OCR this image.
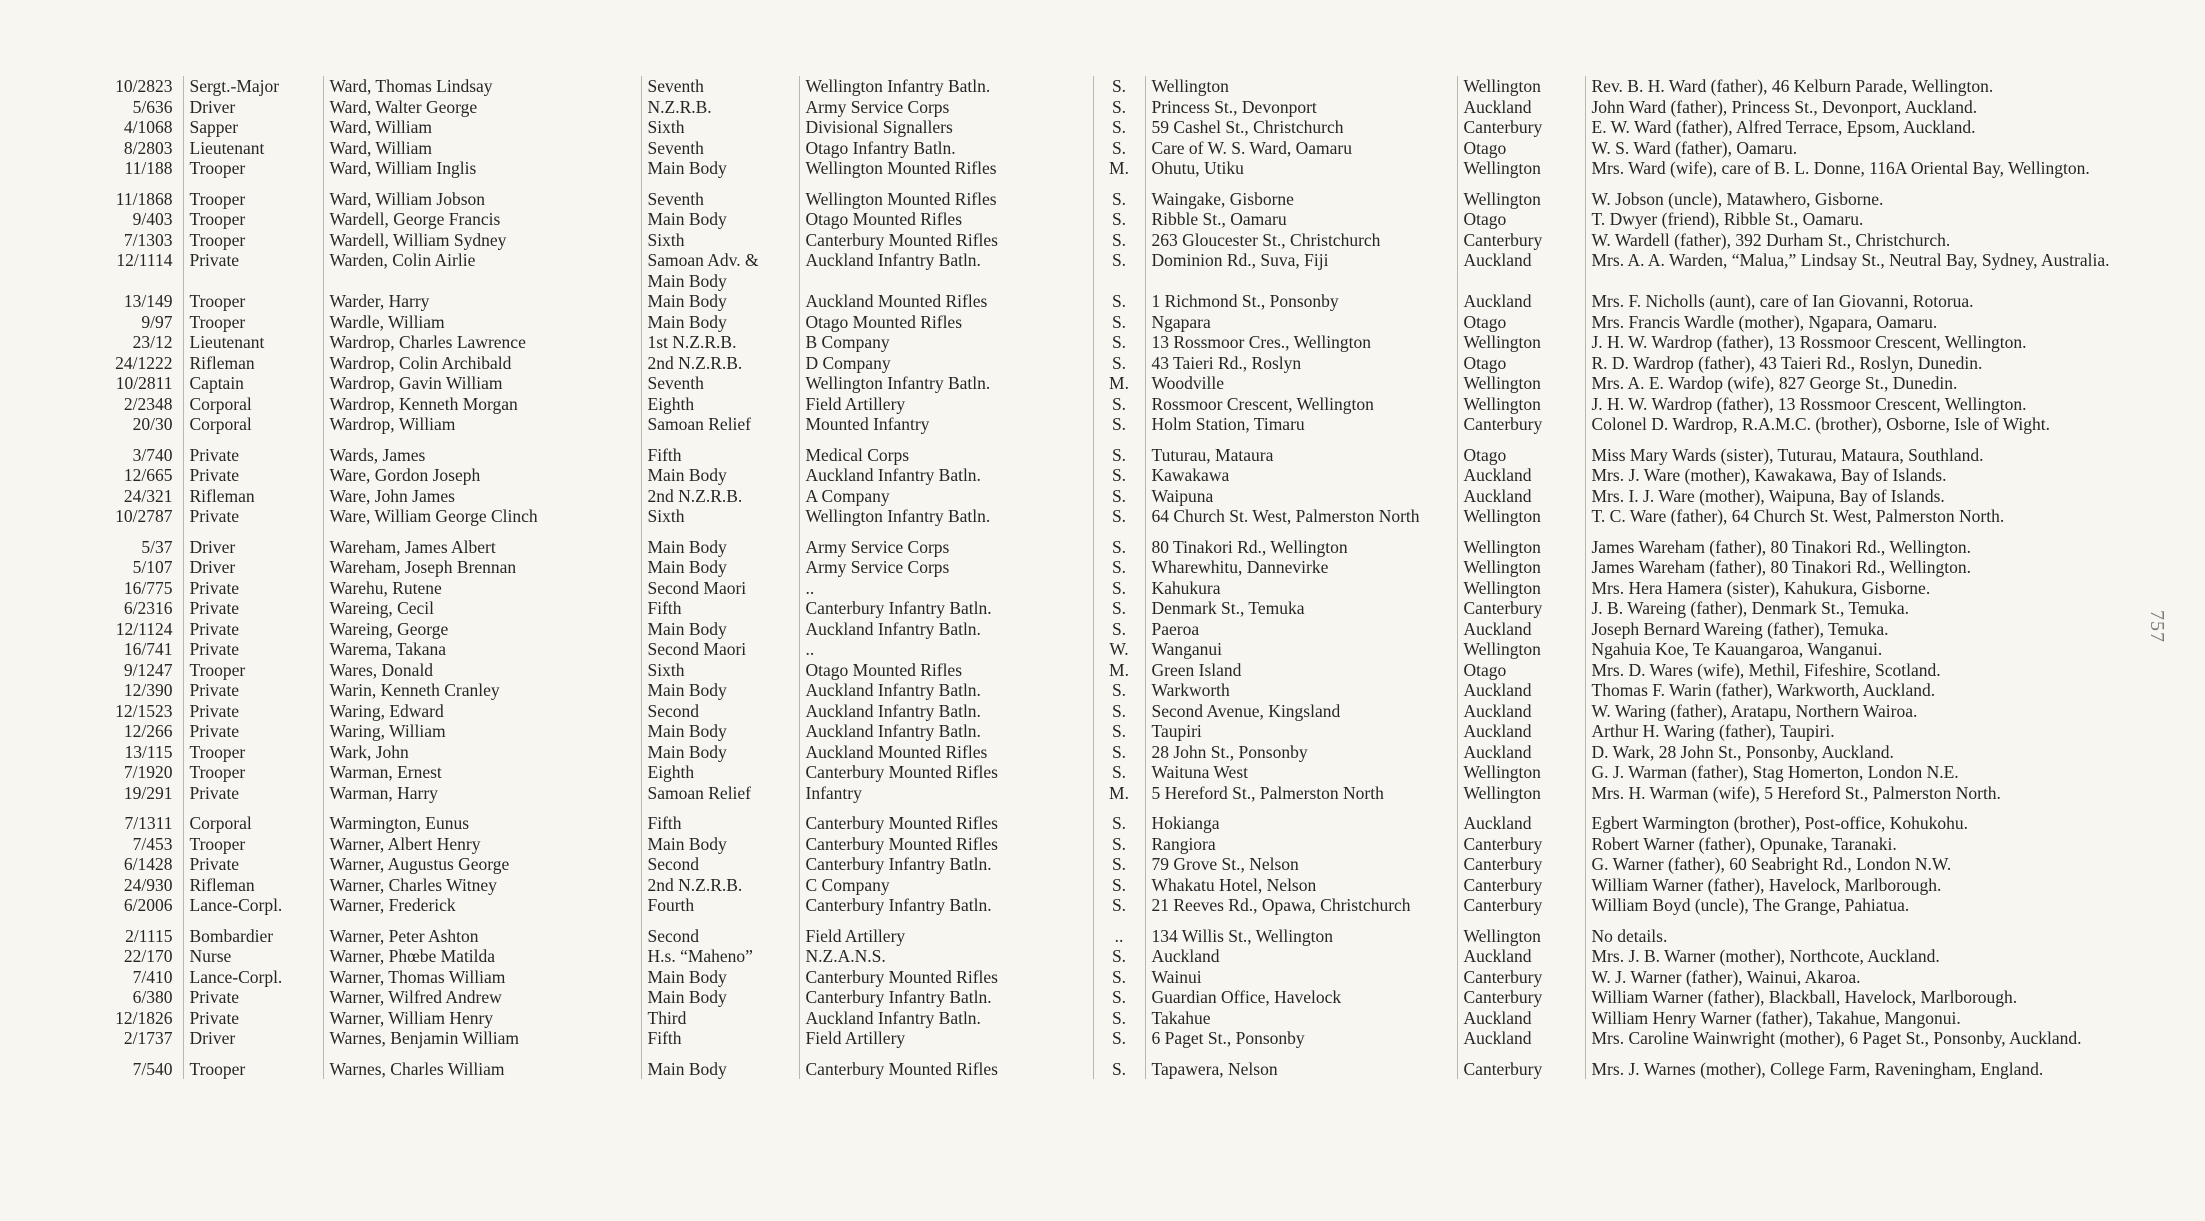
10/2823	Sergt.-Major	Ward, Thomas Lindsay	Seventh	Wellington Infantry Batln.	S.	Wellington	Wellington	Rev. B. H. Ward (father), 46 Kelburn Parade, Wellington.
5/636	Driver	Ward, Walter George	N.Z.R.B.	Army Service Corps	S.	Princess St., Devonport	Auckland	John Ward (father), Princess St., Devonport, Auckland.
4/1068	Sapper	Ward, William	Sixth	Divisional Signallers	S.	59 Cashel St., Christchurch	Canterbury	E. W. Ward (father), Alfred Terrace, Epsom, Auckland.
8/2803	Lieutenant	Ward, William	Seventh	Otago Infantry Batln.	S.	Care of W. S. Ward, Oamaru	Otago	W. S. Ward (father), Oamaru.
11/188	Trooper	Ward, William Inglis	Main Body	Wellington Mounted Rifles	M.	Ohutu, Utiku	Wellington	Mrs. Ward (wife), care of B. L. Donne, 116A Oriental Bay, Wellington.
11/1868	Trooper	Ward, William Jobson	Seventh	Wellington Mounted Rifles	S.	Waingake, Gisborne	Wellington	W. Jobson (uncle), Matawhero, Gisborne.
9/403	Trooper	Wardell, George Francis	Main Body	Otago Mounted Rifles	S.	Ribble St., Oamaru	Otago	T. Dwyer (friend), Ribble St., Oamaru.
7/1303	Trooper	Wardell, William Sydney	Sixth	Canterbury Mounted Rifles	S.	263 Gloucester St., Christchurch	Canterbury	W. Wardell (father), 392 Durham St., Christchurch.
12/1114	Private	Warden, Colin Airlie	Samoan Adv. & Main Body	Auckland Infantry Batln.	S.	Dominion Rd., Suva, Fiji	Auckland	Mrs. A. A. Warden, “Malua,” Lindsay St., Neutral Bay, Sydney, Australia.
13/149	Trooper	Warder, Harry	Main Body	Auckland Mounted Rifles	S.	1 Richmond St., Ponsonby	Auckland	Mrs. F. Nicholls (aunt), care of Ian Giovanni, Rotorua.
9/97	Trooper	Wardle, William	Main Body	Otago Mounted Rifles	S.	Ngapara	Otago	Mrs. Francis Wardle (mother), Ngapara, Oamaru.
23/12	Lieutenant	Wardrop, Charles Lawrence	1st N.Z.R.B.	B Company	S.	13 Rossmoor Cres., Wellington	Wellington	J. H. W. Wardrop (father), 13 Rossmoor Crescent, Wellington.
24/1222	Rifleman	Wardrop, Colin Archibald	2nd N.Z.R.B.	D Company	S.	43 Taieri Rd., Roslyn	Otago	R. D. Wardrop (father), 43 Taieri Rd., Roslyn, Dunedin.
10/2811	Captain	Wardrop, Gavin William	Seventh	Wellington Infantry Batln.	M.	Woodville	Wellington	Mrs. A. E. Wardop (wife), 827 George St., Dunedin.
2/2348	Corporal	Wardrop, Kenneth Morgan	Eighth	Field Artillery	S.	Rossmoor Crescent, Wellington	Wellington	J. H. W. Wardrop (father), 13 Rossmoor Crescent, Wellington.
20/30	Corporal	Wardrop, William	Samoan Relief	Mounted Infantry	S.	Holm Station, Timaru	Canterbury	Colonel D. Wardrop, R.A.M.C. (brother), Osborne, Isle of Wight.
3/740	Private	Wards, James	Fifth	Medical Corps	S.	Tuturau, Mataura	Otago	Miss Mary Wards (sister), Tuturau, Mataura, Southland.
12/665	Private	Ware, Gordon Joseph	Main Body	Auckland Infantry Batln.	S.	Kawakawa	Auckland	Mrs. J. Ware (mother), Kawakawa, Bay of Islands.
24/321	Rifleman	Ware, John James	2nd N.Z.R.B.	A Company	S.	Waipuna	Auckland	Mrs. I. J. Ware (mother), Waipuna, Bay of Islands.
10/2787	Private	Ware, William George Clinch	Sixth	Wellington Infantry Batln.	S.	64 Church St. West, Palmerston North	Wellington	T. C. Ware (father), 64 Church St. West, Palmerston North.
5/37	Driver	Wareham, James Albert	Main Body	Army Service Corps	S.	80 Tinakori Rd., Wellington	Wellington	James Wareham (father), 80 Tinakori Rd., Wellington.
5/107	Driver	Wareham, Joseph Brennan	Main Body	Army Service Corps	S.	Wharewhitu, Dannevirke	Wellington	James Wareham (father), 80 Tinakori Rd., Wellington.
16/775	Private	Warehu, Rutene	Second Maori	..	S.	Kahukura	Wellington	Mrs. Hera Hamera (sister), Kahukura, Gisborne.
6/2316	Private	Wareing, Cecil	Fifth	Canterbury Infantry Batln.	S.	Denmark St., Temuka	Canterbury	J. B. Wareing (father), Denmark St., Temuka.
12/1124	Private	Wareing, George	Main Body	Auckland Infantry Batln.	S.	Paeroa	Auckland	Joseph Bernard Wareing (father), Temuka.
16/741	Private	Warema, Takana	Second Maori	..	W.	Wanganui	Wellington	Ngahuia Koe, Te Kauangaroa, Wanganui.
9/1247	Trooper	Wares, Donald	Sixth	Otago Mounted Rifles	M.	Green Island	Otago	Mrs. D. Wares (wife), Methil, Fifeshire, Scotland.
12/390	Private	Warin, Kenneth Cranley	Main Body	Auckland Infantry Batln.	S.	Warkworth	Auckland	Thomas F. Warin (father), Warkworth, Auckland.
12/1523	Private	Waring, Edward	Second	Auckland Infantry Batln.	S.	Second Avenue, Kingsland	Auckland	W. Waring (father), Aratapu, Northern Wairoa.
12/266	Private	Waring, William	Main Body	Auckland Infantry Batln.	S.	Taupiri	Auckland	Arthur H. Waring (father), Taupiri.
13/115	Trooper	Wark, John	Main Body	Auckland Mounted Rifles	S.	28 John St., Ponsonby	Auckland	D. Wark, 28 John St., Ponsonby, Auckland.
7/1920	Trooper	Warman, Ernest	Eighth	Canterbury Mounted Rifles	S.	Waituna West	Wellington	G. J. Warman (father), Stag Homerton, London N.E.
19/291	Private	Warman, Harry	Samoan Relief	Infantry	M.	5 Hereford St., Palmerston North	Wellington	Mrs. H. Warman (wife), 5 Hereford St., Palmerston North.
7/1311	Corporal	Warmington, Eunus	Fifth	Canterbury Mounted Rifles	S.	Hokianga	Auckland	Egbert Warmington (brother), Post-office, Kohukohu.
7/453	Trooper	Warner, Albert Henry	Main Body	Canterbury Mounted Rifles	S.	Rangiora	Canterbury	Robert Warner (father), Opunake, Taranaki.
6/1428	Private	Warner, Augustus George	Second	Canterbury Infantry Batln.	S.	79 Grove St., Nelson	Canterbury	G. Warner (father), 60 Seabright Rd., London N.W.
24/930	Rifleman	Warner, Charles Witney	2nd N.Z.R.B.	C Company	S.	Whakatu Hotel, Nelson	Canterbury	William Warner (father), Havelock, Marlborough.
6/2006	Lance-Corpl.	Warner, Frederick	Fourth	Canterbury Infantry Batln.	S.	21 Reeves Rd., Opawa, Christchurch	Canterbury	William Boyd (uncle), The Grange, Pahiatua.
2/1115	Bombardier	Warner, Peter Ashton	Second	Field Artillery	..	134 Willis St., Wellington	Wellington	No details.
22/170	Nurse	Warner, Phœbe Matilda	H.s. “Maheno”	N.Z.A.N.S.	S.	Auckland	Auckland	Mrs. J. B. Warner (mother), Northcote, Auckland.
7/410	Lance-Corpl.	Warner, Thomas William	Main Body	Canterbury Mounted Rifles	S.	Wainui	Canterbury	W. J. Warner (father), Wainui, Akaroa.
6/380	Private	Warner, Wilfred Andrew	Main Body	Canterbury Infantry Batln.	S.	Guardian Office, Havelock	Canterbury	William Warner (father), Blackball, Havelock, Marlborough.
12/1826	Private	Warner, William Henry	Third	Auckland Infantry Batln.	S.	Takahue	Auckland	William Henry Warner (father), Takahue, Mangonui.
2/1737	Driver	Warnes, Benjamin William	Fifth	Field Artillery	S.	6 Paget St., Ponsonby	Auckland	Mrs. Caroline Wainwright (mother), 6 Paget St., Ponsonby, Auckland.
7/540	Trooper	Warnes, Charles William	Main Body	Canterbury Mounted Rifles	S.	Tapawera, Nelson	Canterbury	Mrs. J. Warnes (mother), College Farm, Raveningham, England.
757
